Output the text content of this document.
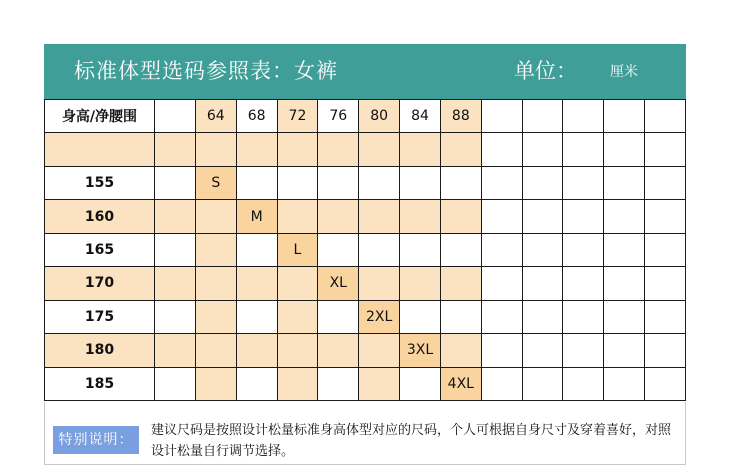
标准体型选码参照表：女裤	单位： 厘米
身高/净腰围		64	68	72	76	80	84	88					

155		S											
160			M										
165				L									
170					XL								
175						2XL							
180							3XL						
185								4XL					
特别说明：
建议尺码是按照设计松量标准身高体型对应的尺码，个人可根据自身尺寸及穿着喜好，对照设计松量自行调节选择。
